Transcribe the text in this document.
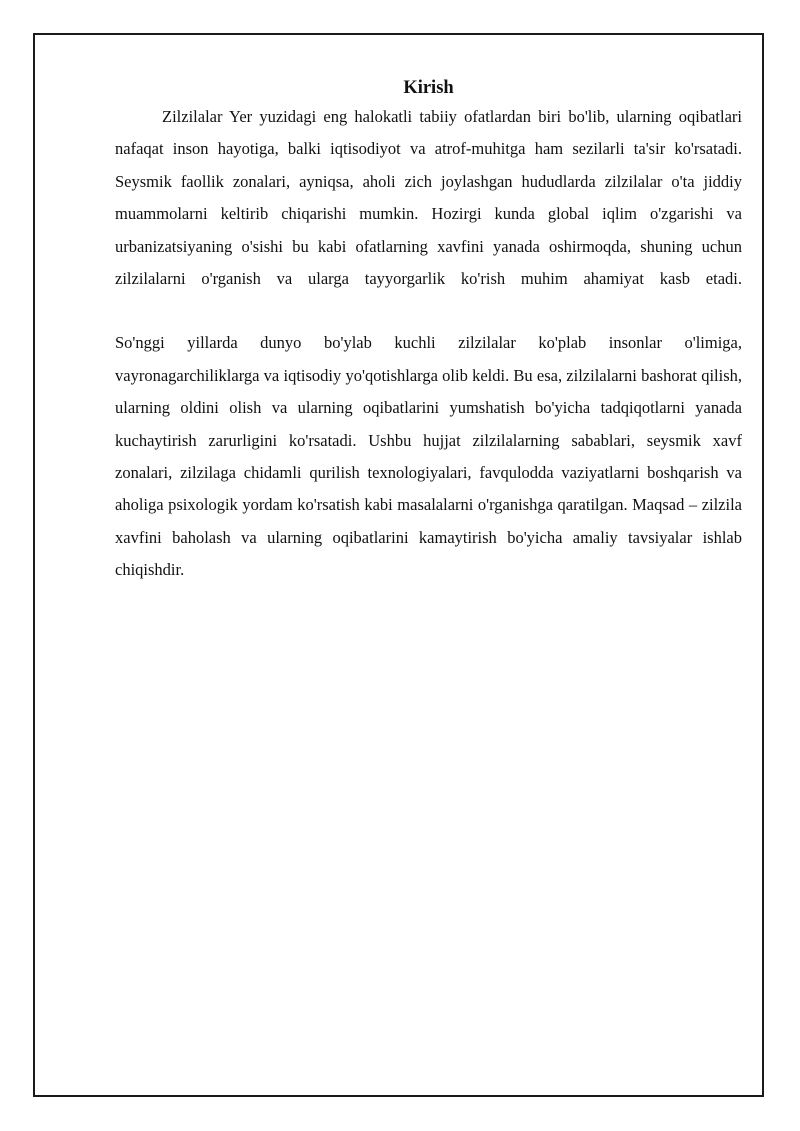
Kirish

Zilzilalar Yer yuzidagi eng halokatli tabiiy ofatlardan biri bo'lib, ularning oqibatlari nafaqat inson hayotiga, balki iqtisodiyot va atrof-muhitga ham sezilarli ta'sir ko'rsatadi. Seysmik faollik zonalari, ayniqsa, aholi zich joylashgan hududlarda zilzilalar o'ta jiddiy muammolarni keltirib chiqarishi mumkin. Hozirgi kunda global iqlim o'zgarishi va urbanizatsiyaning o'sishi bu kabi ofatlarning xavfini yanada oshirmoqda, shuning uchun zilzilalarni o'rganish va ularga tayyorgarlik ko'rish muhim ahamiyat kasb etadi.

So'nggi yillarda dunyo bo'ylab kuchli zilzilalar ko'plab insonlar o'limiga, vayronagarchiliklarga va iqtisodiy yo'qotishlarga olib keldi. Bu esa, zilzilalarni bashorat qilish, ularning oldini olish va ularning oqibatlarini yumshatish bo'yicha tadqiqotlarni yanada kuchaytirish zarurligini ko'rsatadi. Ushbu hujjat zilzilalarning sabablari, seysmik xavf zonalari, zilzilaga chidamli qurilish texnologiyalari, favqulodda vaziyatlarni boshqarish va aholiga psixologik yordam ko'rsatish kabi masalalarni o'rganishga qaratilgan. Maqsad – zilzila xavfini baholash va ularning oqibatlarini kamaytirish bo'yicha amaliy tavsiyalar ishlab chiqishdir.
